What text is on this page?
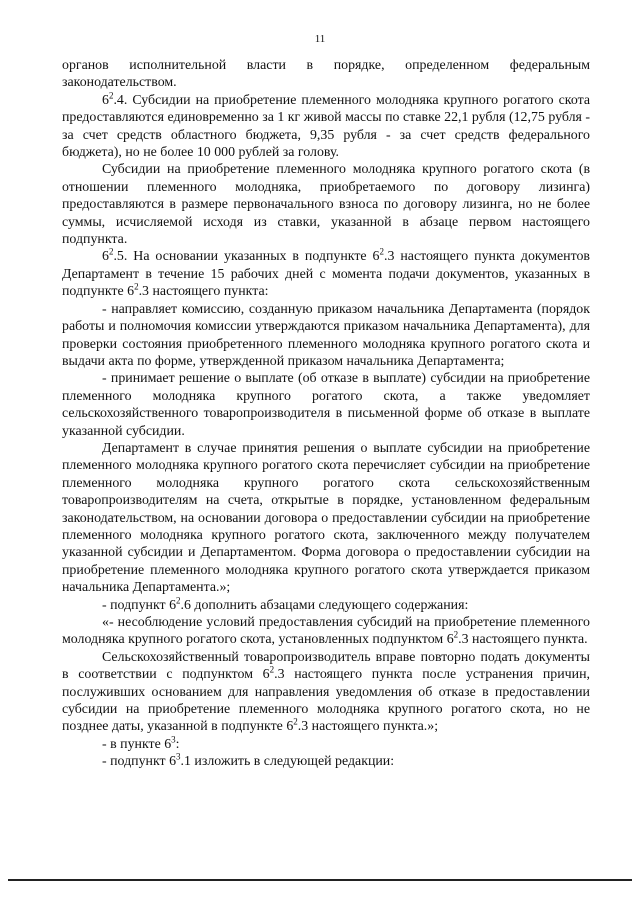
11

органов исполнительной власти в порядке, определенном федеральным законодательством.

$6^2.4$. Субсидии на приобретение племенного молодняка крупного рогатого скота предоставляются единовременно за 1 кг живой массы по ставке 22,1 рубля (12,75 рубля - за счет средств областного бюджета, 9,35 рубля - за счет средств федерального бюджета), но не более 10 000 рублей за голову.

Субсидии на приобретение племенного молодняка крупного рогатого скота (в отношении племенного молодняка, приобретаемого по договору лизинга) предоставляются в размере первоначального взноса по договору лизинга, но не более суммы, исчисляемой исходя из ставки, указанной в абзаце первом настоящего подпункта.

$6^2.5$. На основании указанных в подпункте $6^2.3$ настоящего пункта документов Департамент в течение 15 рабочих дней с момента подачи документов, указанных в подпункте $6^2.3$ настоящего пункта:

- направляет комиссию, созданную приказом начальника Департамента (порядок работы и полномочия комиссии утверждаются приказом начальника Департамента), для проверки состояния приобретенного племенного молодняка крупного рогатого скота и выдачи акта по форме, утвержденной приказом начальника Департамента;

- принимает решение о выплате (об отказе в выплате) субсидии на приобретение племенного молодняка крупного рогатого скота, а также уведомляет сельскохозяйственного товаропроизводителя в письменной форме об отказе в выплате указанной субсидии.

Департамент в случае принятия решения о выплате субсидии на приобретение племенного молодняка крупного рогатого скота перечисляет субсидии на приобретение племенного молодняка крупного рогатого скота сельскохозяйственным товаропроизводителям на счета, открытые в порядке, установленном федеральным законодательством, на основании договора о предоставлении субсидии на приобретение племенного молодняка крупного рогатого скота, заключенного между получателем указанной субсидии и Департаментом. Форма договора о предоставлении субсидии на приобретение племенного молодняка крупного рогатого скота утверждается приказом начальника Департамента.»;

- подпункт $6^2.6$ дополнить абзацами следующего содержания:

«- несоблюдение условий предоставления субсидий на приобретение племенного молодняка крупного рогатого скота, установленных подпунктом $6^2.3$ настоящего пункта.

Сельскохозяйственный товаропроизводитель вправе повторно подать документы в соответствии с подпунктом $6^2.3$ настоящего пункта после устранения причин, послуживших основанием для направления уведомления об отказе в предоставлении субсидии на приобретение племенного молодняка крупного рогатого скота, но не позднее даты, указанной в подпункте $6^2.3$ настоящего пункта.»;

- в пункте $6^3$:

- подпункт $6^3.1$ изложить в следующей редакции:
